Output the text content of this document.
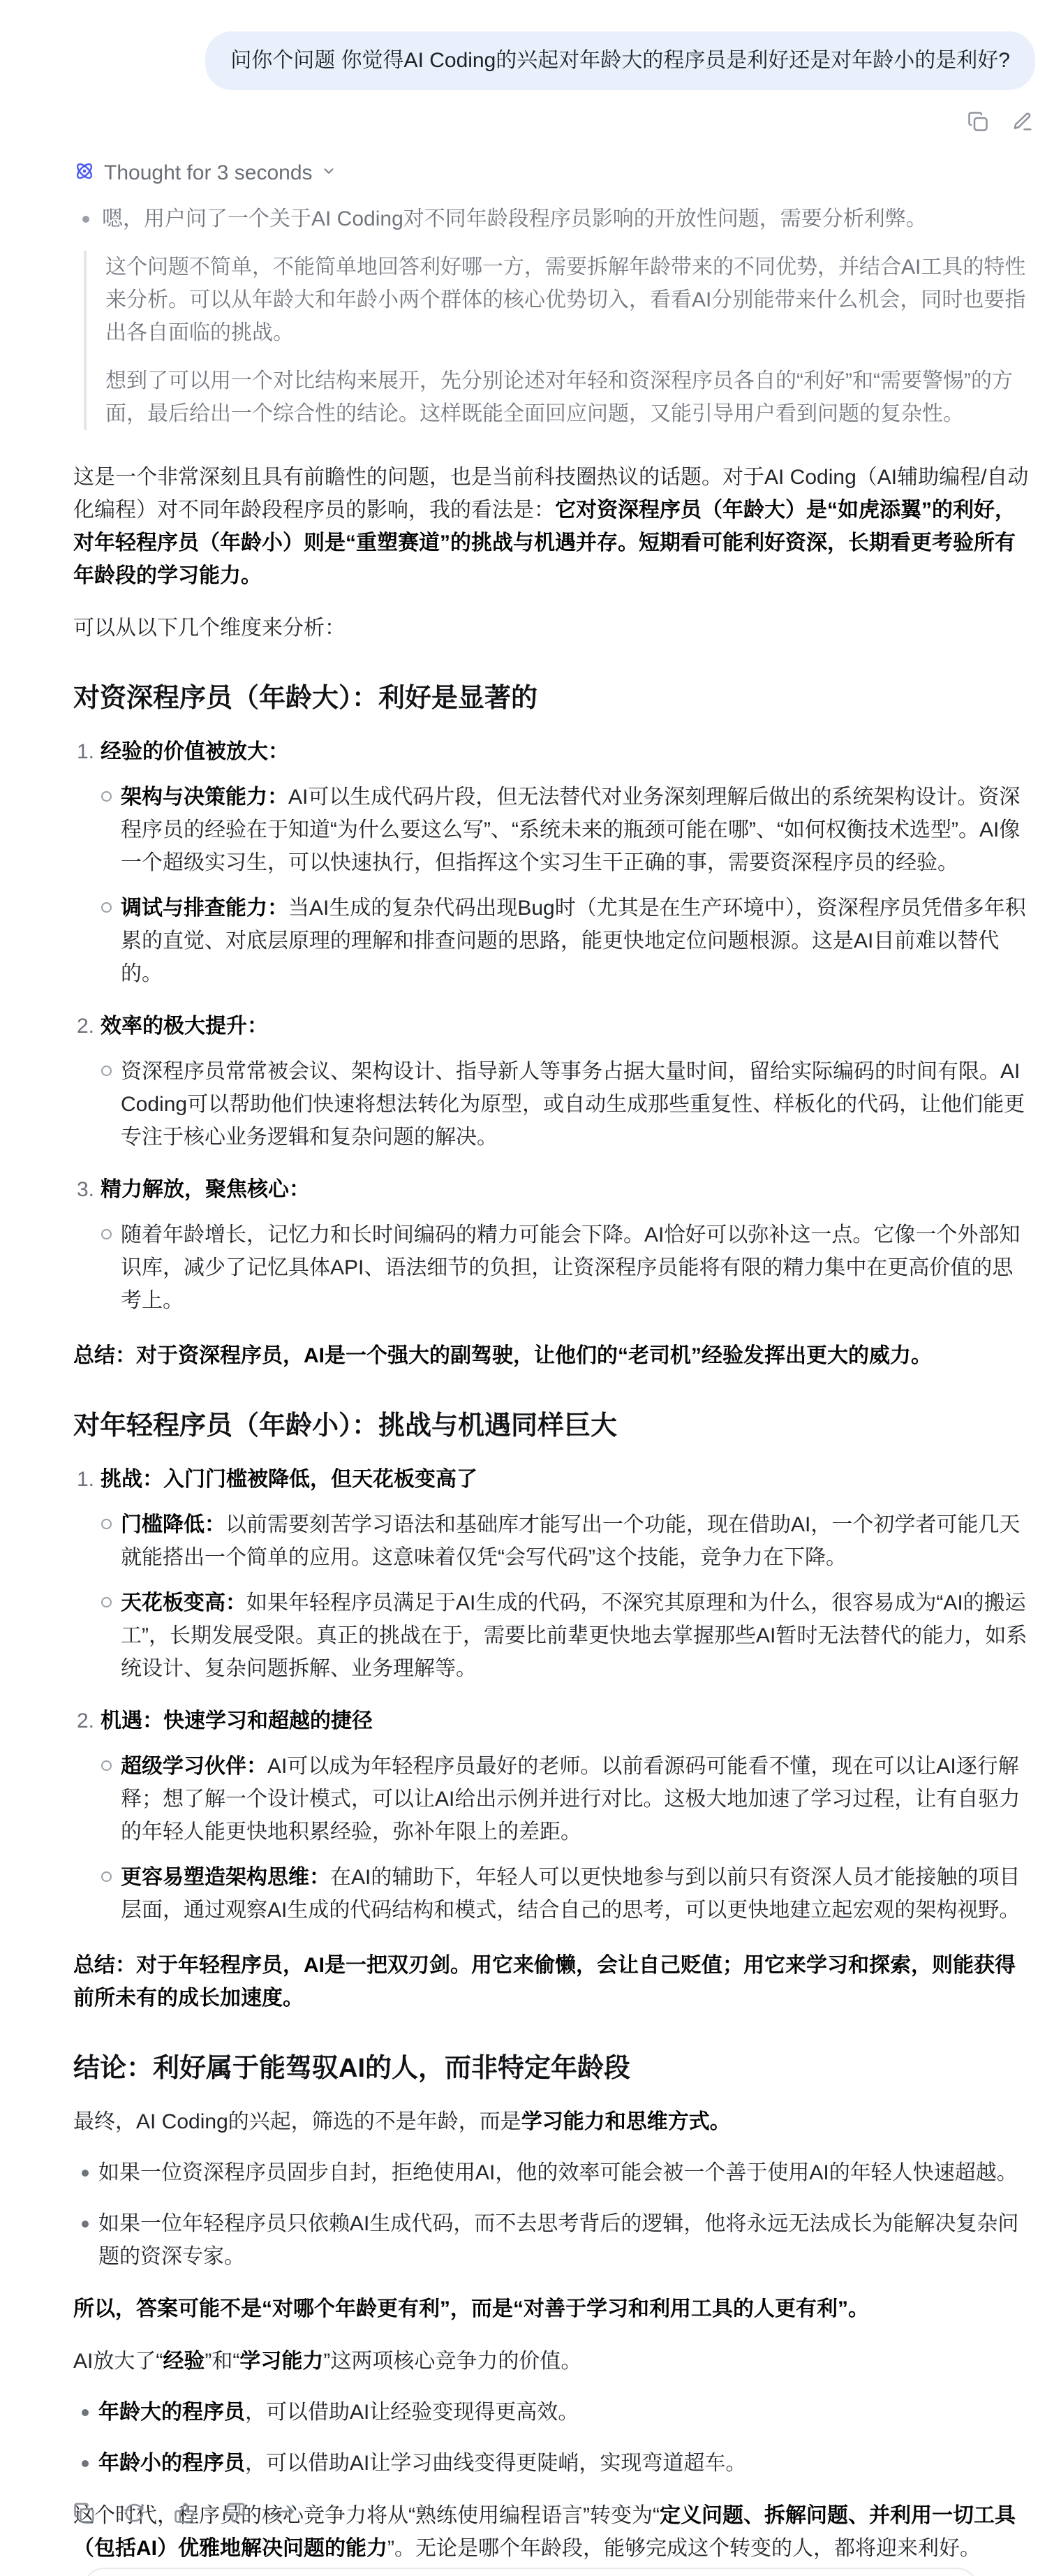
问你个问题 你觉得AI Coding的兴起对年龄大的程序员是利好还是对年龄小的是利好?
Thought for 3 seconds

嗯，用户问了一个关于AI Coding对不同年龄段程序员影响的开放性问题，需要分析利弊。

这个问题不简单，不能简单地回答利好哪一方，需要拆解年龄带来的不同优势，并结合AI工具的特性来分析。可以从年龄大和年龄小两个群体的核心优势切入，看看AI分别能带来什么机会，同时也要指出各自面临的挑战。

想到了可以用一个对比结构来展开，先分别论述对年轻和资深程序员各自的“利好”和“需要警惕”的方面，最后给出一个综合性的结论。这样既能全面回应问题，又能引导用户看到问题的复杂性。

这是一个非常深刻且具有前瞻性的问题，也是当前科技圈热议的话题。对于AI Coding（AI辅助编程/自动化编程）对不同年龄段程序员的影响，我的看法是：它对资深程序员（年龄大）是“如虎添翼”的利好，对年轻程序员（年龄小）则是“重塑赛道”的挑战与机遇并存。短期看可能利好资深，长期看更考验所有年龄段的学习能力。

可以从以下几个维度来分析：

对资深程序员（年龄大）：利好是显著的
1. 经验的价值被放大：

架构与决策能力：AI可以生成代码片段，但无法替代对业务深刻理解后做出的系统架构设计。资深程序员的经验在于知道“为什么要这么写”、“系统未来的瓶颈可能在哪”、“如何权衡技术选型”。AI像一个超级实习生，可以快速执行，但指挥这个实习生干正确的事，需要资深程序员的经验。

调试与排查能力：当AI生成的复杂代码出现Bug时（尤其是在生产环境中），资深程序员凭借多年积累的直觉、对底层原理的理解和排查问题的思路，能更快地定位问题根源。这是AI目前难以替代的。

2. 效率的极大提升：

资深程序员常常被会议、架构设计、指导新人等事务占据大量时间，留给实际编码的时间有限。AI Coding可以帮助他们快速将想法转化为原型，或自动生成那些重复性、样板化的代码，让他们能更专注于核心业务逻辑和复杂问题的解决。

3. 精力解放，聚焦核心：

随着年龄增长，记忆力和长时间编码的精力可能会下降。AI恰好可以弥补这一点。它像一个外部知识库，减少了记忆具体API、语法细节的负担，让资深程序员能将有限的精力集中在更高价值的思考上。

总结：对于资深程序员，AI是一个强大的副驾驶，让他们的“老司机”经验发挥出更大的威力。

对年轻程序员（年龄小）：挑战与机遇同样巨大
1. 挑战：入门门槛被降低，但天花板变高了

门槛降低：以前需要刻苦学习语法和基础库才能写出一个功能，现在借助AI，一个初学者可能几天就能搭出一个简单的应用。这意味着仅凭“会写代码”这个技能，竞争力在下降。

天花板变高：如果年轻程序员满足于AI生成的代码，不深究其原理和为什么，很容易成为“AI的搬运工”，长期发展受限。真正的挑战在于，需要比前辈更快地去掌握那些AI暂时无法替代的能力，如系统设计、复杂问题拆解、业务理解等。

2. 机遇：快速学习和超越的捷径

超级学习伙伴：AI可以成为年轻程序员最好的老师。以前看源码可能看不懂，现在可以让AI逐行解释；想了解一个设计模式，可以让AI给出示例并进行对比。这极大地加速了学习过程，让有自驱力的年轻人能更快地积累经验，弥补年限上的差距。

更容易塑造架构思维：在AI的辅助下，年轻人可以更快地参与到以前只有资深人员才能接触的项目层面，通过观察AI生成的代码结构和模式，结合自己的思考，可以更快地建立起宏观的架构视野。

总结：对于年轻程序员，AI是一把双刃剑。用它来偷懒，会让自己贬值；用它来学习和探索，则能获得前所未有的成长加速度。

结论：利好属于能驾驭AI的人，而非特定年龄段

最终，AI Coding的兴起，筛选的不是年龄，而是学习能力和思维方式。

如果一位资深程序员固步自封，拒绝使用AI，他的效率可能会被一个善于使用AI的年轻人快速超越。

如果一位年轻程序员只依赖AI生成代码，而不去思考背后的逻辑，他将永远无法成长为能解决复杂问题的资深专家。

所以，答案可能不是“对哪个年龄更有利”，而是“对善于学习和利用工具的人更有利”。

AI放大了“经验”和“学习能力”这两项核心竞争力的价值。

年龄大的程序员，可以借助AI让经验变现得更高效。

年龄小的程序员，可以借助AI让学习曲线变得更陡峭，实现弯道超车。

这个时代，程序员的核心竞争力将从“熟练使用编程语言”转变为“定义问题、拆解问题、并利用一切工具（包括AI）优雅地解决问题的能力”。无论是哪个年龄段，能够完成这个转变的人，都将迎来利好。
